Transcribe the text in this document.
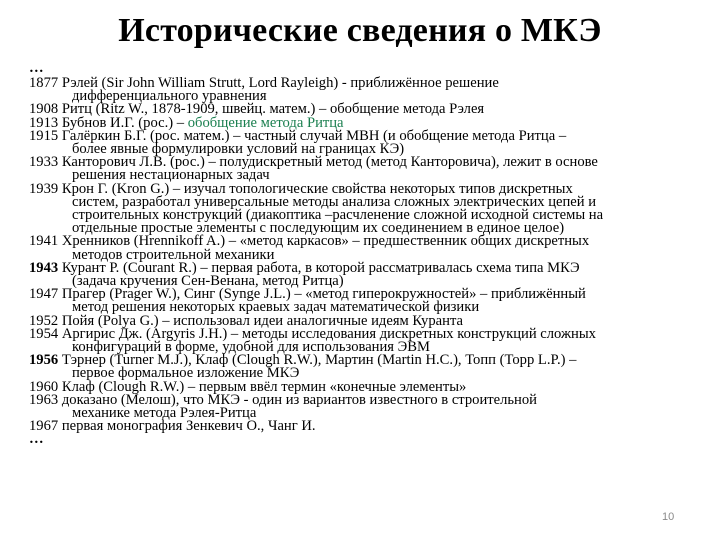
Исторические сведения о МКЭ
…
1877 Рэлей (Sir John William Strutt, Lord Rayleigh) - приближённое решение
дифференциального уравнения
1908 Ритц (Ritz W., 1878-1909, швейц. матем.) – обобщение метода Рэлея
1913 Бубнов И.Г. (рос.) – обобщение метода Ритца
1915 Галёркин Б.Г. (рос. матем.) – частный случай МВН (и обобщение метода Ритца –
более явные формулировки условий на границах КЭ)
1933 Канторович Л.В. (рос.) – полудискретный метод (метод Канторовича), лежит в основе
решения нестационарных задач
1939 Крон Г. (Kron G.) – изучал топологические свойства некоторых типов дискретных
систем, разработал универсальные методы анализа сложных электрических цепей и
строительных конструкций (диакоптика –расчленение сложной исходной системы на
отдельные простые элементы с последующим их соединением в единое целое)
1941 Хренников (Hrennikoff A.) – «метод каркасов» – предшественник общих дискретных
методов строительной механики
1943 Курант Р. (Courant R.) – первая работа, в которой рассматривалась схема типа МКЭ
(задача кручения Сен-Венана, метод Ритца)
1947 Прагер (Prager W.), Синг (Synge J.L.) – «метод гиперокружностей» – приближённый
метод решения некоторых краевых задач математической физики
1952 Пойя (Polya G.) – использовал идеи аналогичные идеям Куранта
1954 Аргирис Дж. (Argyris J.H.) – методы исследования дискретных конструкций сложных
конфигураций в форме, удобной для использования ЭВМ
1956 Тэрнер (Turner M.J.), Клаф (Clough R.W.), Мартин (Martin H.C.), Топп (Topp L.P.) –
первое формальное изложение МКЭ
1960 Клаф (Clough R.W.) – первым ввёл термин «конечные элементы»
1963 доказано (Мелош), что МКЭ - один из вариантов известного в строительной
механике метода Рэлея-Ритца
1967 первая монография Зенкевич О., Чанг И.
…
10
